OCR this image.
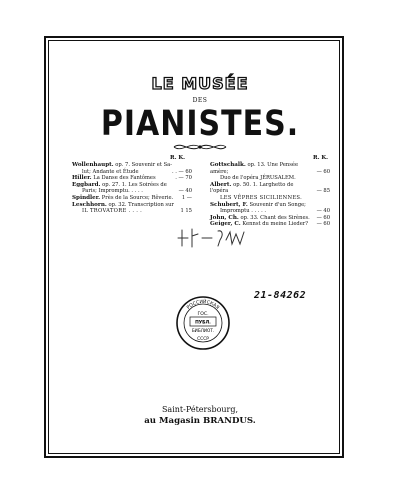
LE MUSÉE
DES
PIANISTES.
R. K.	R. K.
Wollenhaupt. op. 7. Souvenir et Sa-
lut; Andante et Étude	. . — 60
Hiller. La Danse des Fantômes	. — 70
Eggbard. op. 27. 1. Les Soirées de
Paris; Impromptu. . . . .	— 40
Spindler. Près de la Source; Rêverie.	1 —
Leschhorn. op. 32. Transcription sur
IL TROVATORE . . . .	1 15
Gottschalk. op. 13. Une Pensée amère;
Duo de l'opéra JÉRUSALEM.
— 60
Albert. op. 50. 1. Larghetto de l'opéra
LES VÊPRES SICILIENNES.
— 85
Schubert, F. Souvenir d'un Songe;
Impromptu . . . . .	— 40
John, Ch. op. 33. Chant des Sirènes.	— 60
Geiger, C. Kennst du meine Lieder?	— 60
21-84262
РОССИЙСКАЯ
ГОС.
ПУБЛ.
БИБЛИОТ.
СССР
Saint-Pétersbourg,
au Magasin BRANDUS.
